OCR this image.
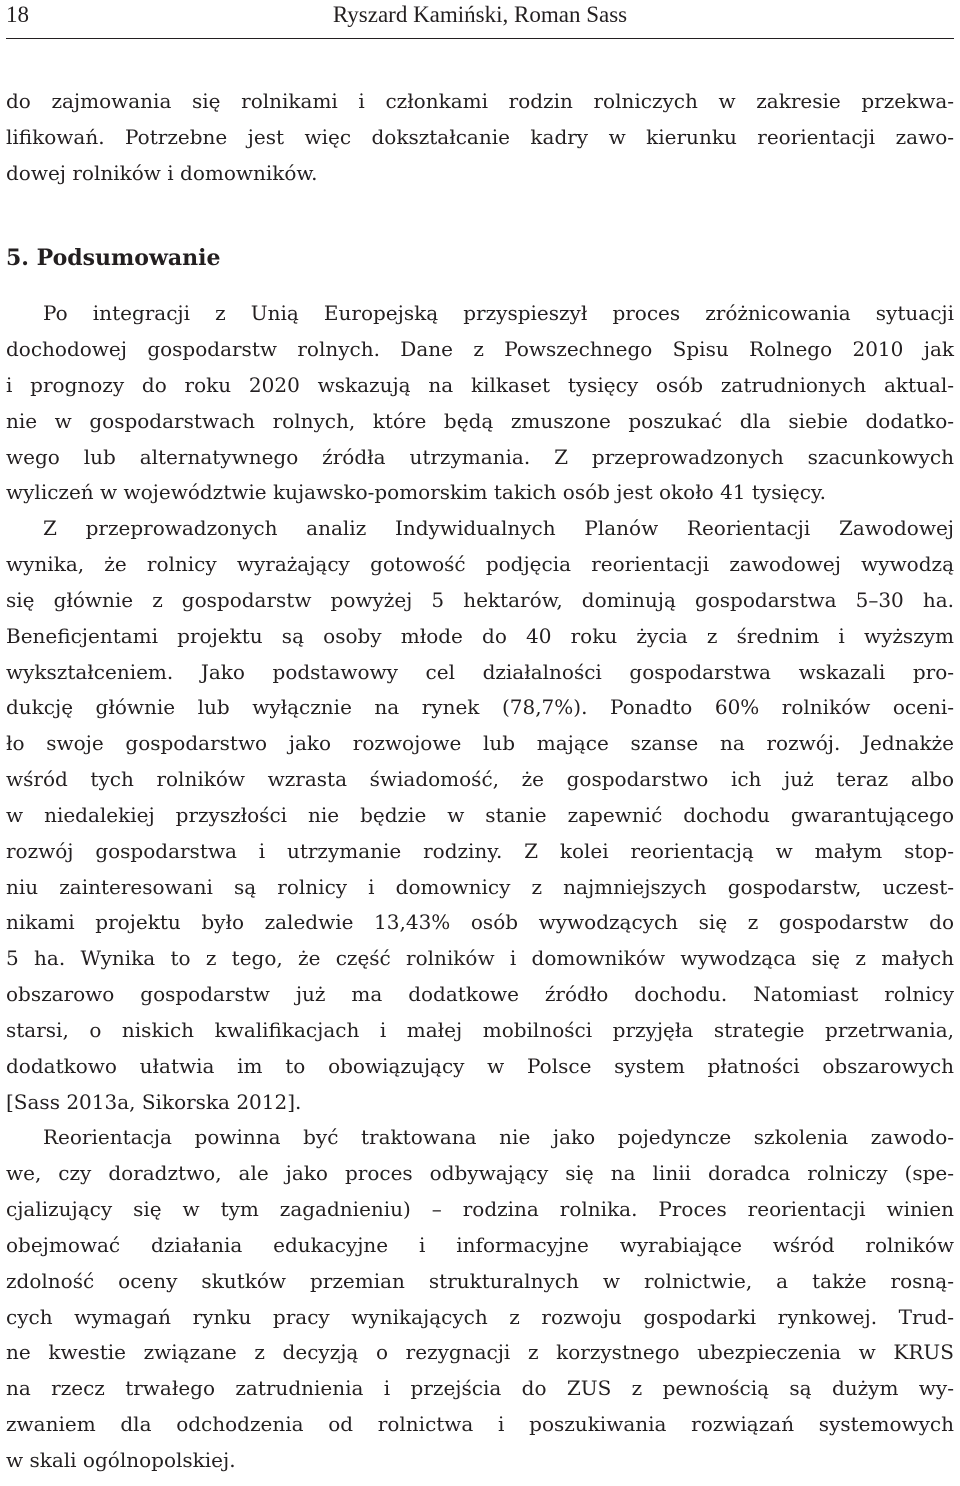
18	Ryszard Kamiński, Roman Sass
do zajmowania się rolnikami i członkami rodzin rolniczych w zakresie przekwa-
lifikowań. Potrzebne jest więc dokształcanie kadry w kierunku reorientacji zawo-
dowej rolników i domowników.
5. Podsumowanie
Po integracji z Unią Europejską przyspieszył proces zróżnicowania sytuacji
dochodowej gospodarstw rolnych. Dane z Powszechnego Spisu Rolnego 2010 jak
i prognozy do roku 2020 wskazują na kilkaset tysięcy osób zatrudnionych aktual-
nie w gospodarstwach rolnych, które będą zmuszone poszukać dla siebie dodatko-
wego lub alternatywnego źródła utrzymania. Z przeprowadzonych szacunkowych
wyliczeń w województwie kujawsko-pomorskim takich osób jest około 41 tysięcy.
Z przeprowadzonych analiz Indywidualnych Planów Reorientacji Zawodowej
wynika, że rolnicy wyrażający gotowość podjęcia reorientacji zawodowej wywodzą
się głównie z gospodarstw powyżej 5 hektarów, dominują gospodarstwa 5–30 ha.
Beneficjentami projektu są osoby młode do 40 roku życia z średnim i wyższym
wykształceniem. Jako podstawowy cel działalności gospodarstwa wskazali pro-
dukcję głównie lub wyłącznie na rynek (78,7%). Ponadto 60% rolników oceni-
ło swoje gospodarstwo jako rozwojowe lub mające szanse na rozwój. Jednakże
wśród tych rolników wzrasta świadomość, że gospodarstwo ich już teraz albo
w niedalekiej przyszłości nie będzie w stanie zapewnić dochodu gwarantującego
rozwój gospodarstwa i utrzymanie rodziny. Z kolei reorientacją w małym stop-
niu zainteresowani są rolnicy i domownicy z najmniejszych gospodarstw, uczest-
nikami projektu było zaledwie 13,43% osób wywodzących się z gospodarstw do
5 ha. Wynika to z tego, że część rolników i domowników wywodząca się z małych
obszarowo gospodarstw już ma dodatkowe źródło dochodu. Natomiast rolnicy
starsi, o niskich kwalifikacjach i małej mobilności przyjęła strategie przetrwania,
dodatkowo ułatwia im to obowiązujący w Polsce system płatności obszarowych
[Sass 2013a, Sikorska 2012].
Reorientacja powinna być traktowana nie jako pojedyncze szkolenia zawodo-
we, czy doradztwo, ale jako proces odbywający się na linii doradca rolniczy (spe-
cjalizujący się w tym zagadnieniu) – rodzina rolnika. Proces reorientacji winien
obejmować działania edukacyjne i informacyjne wyrabiające wśród rolników
zdolność oceny skutków przemian strukturalnych w rolnictwie, a także rosną-
cych wymagań rynku pracy wynikających z rozwoju gospodarki rynkowej. Trud-
ne kwestie związane z decyzją o rezygnacji z korzystnego ubezpieczenia w KRUS
na rzecz trwałego zatrudnienia i przejścia do ZUS z pewnością są dużym wy-
zwaniem dla odchodzenia od rolnictwa i poszukiwania rozwiązań systemowych
w skali ogólnopolskiej.
